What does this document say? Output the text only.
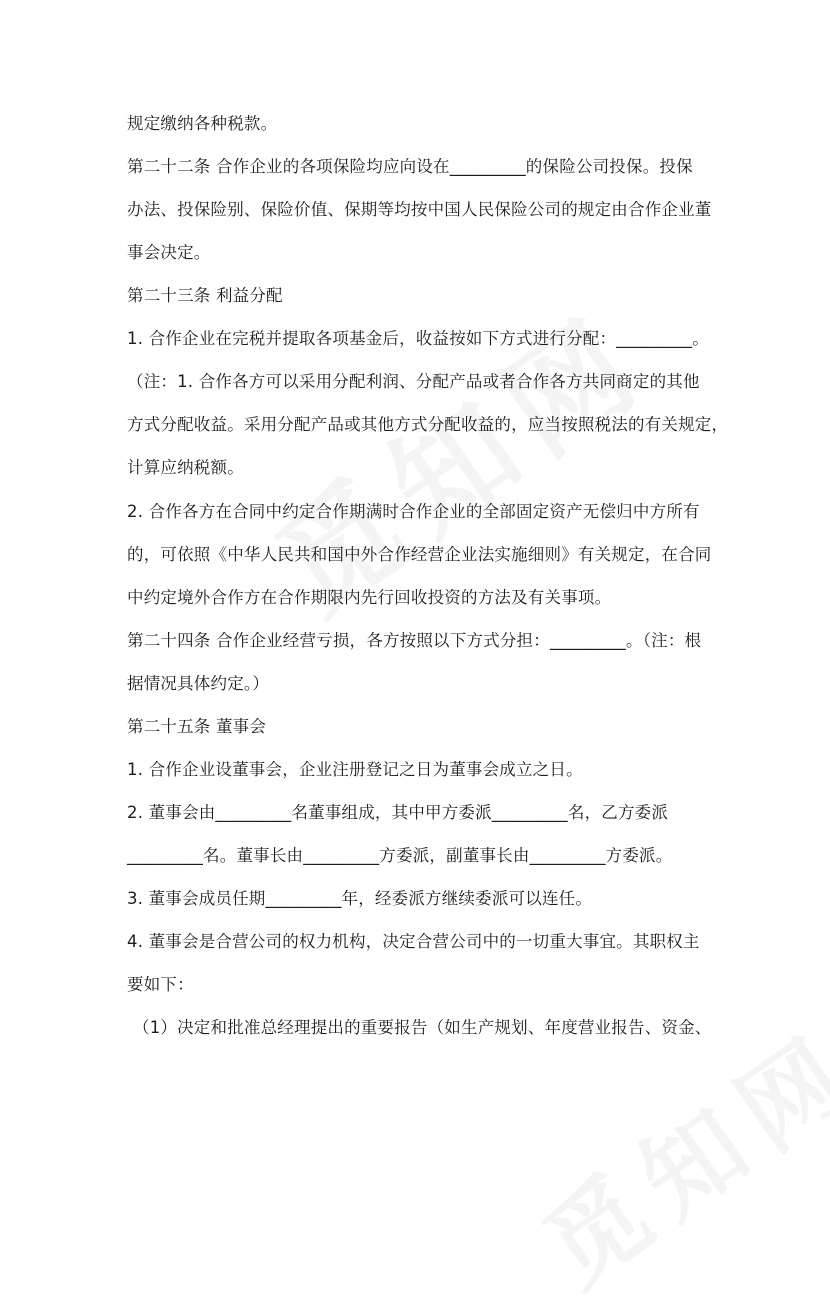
规定缴纳各种税款。
第二十二条 合作企业的各项保险均应向设在_________的保险公司投保。投保
办法、投保险别、保险价值、保期等均按中国人民保险公司的规定由合作企业董
事会决定。
第二十三条 利益分配
1. 合作企业在完税并提取各项基金后，收益按如下方式进行分配：_________。
（注：1. 合作各方可以采用分配利润、分配产品或者合作各方共同商定的其他
方式分配收益。采用分配产品或其他方式分配收益的，应当按照税法的有关规定，
计算应纳税额。
2. 合作各方在合同中约定合作期满时合作企业的全部固定资产无偿归中方所有
的，可依照《中华人民共和国中外合作经营企业法实施细则》有关规定，在合同
中约定境外合作方在合作期限内先行回收投资的方法及有关事项。
第二十四条 合作企业经营亏损，各方按照以下方式分担：_________。（注：根
据情况具体约定。）
第二十五条 董事会
1. 合作企业设董事会，企业注册登记之日为董事会成立之日。
2. 董事会由_________名董事组成，其中甲方委派_________名，乙方委派
_________名。董事长由_________方委派，副董事长由_________方委派。
3. 董事会成员任期_________年，经委派方继续委派可以连任。
4. 董事会是合营公司的权力机构，决定合营公司中的一切重大事宜。其职权主
要如下：
（1）决定和批准总经理提出的重要报告（如生产规划、年度营业报告、资金、
